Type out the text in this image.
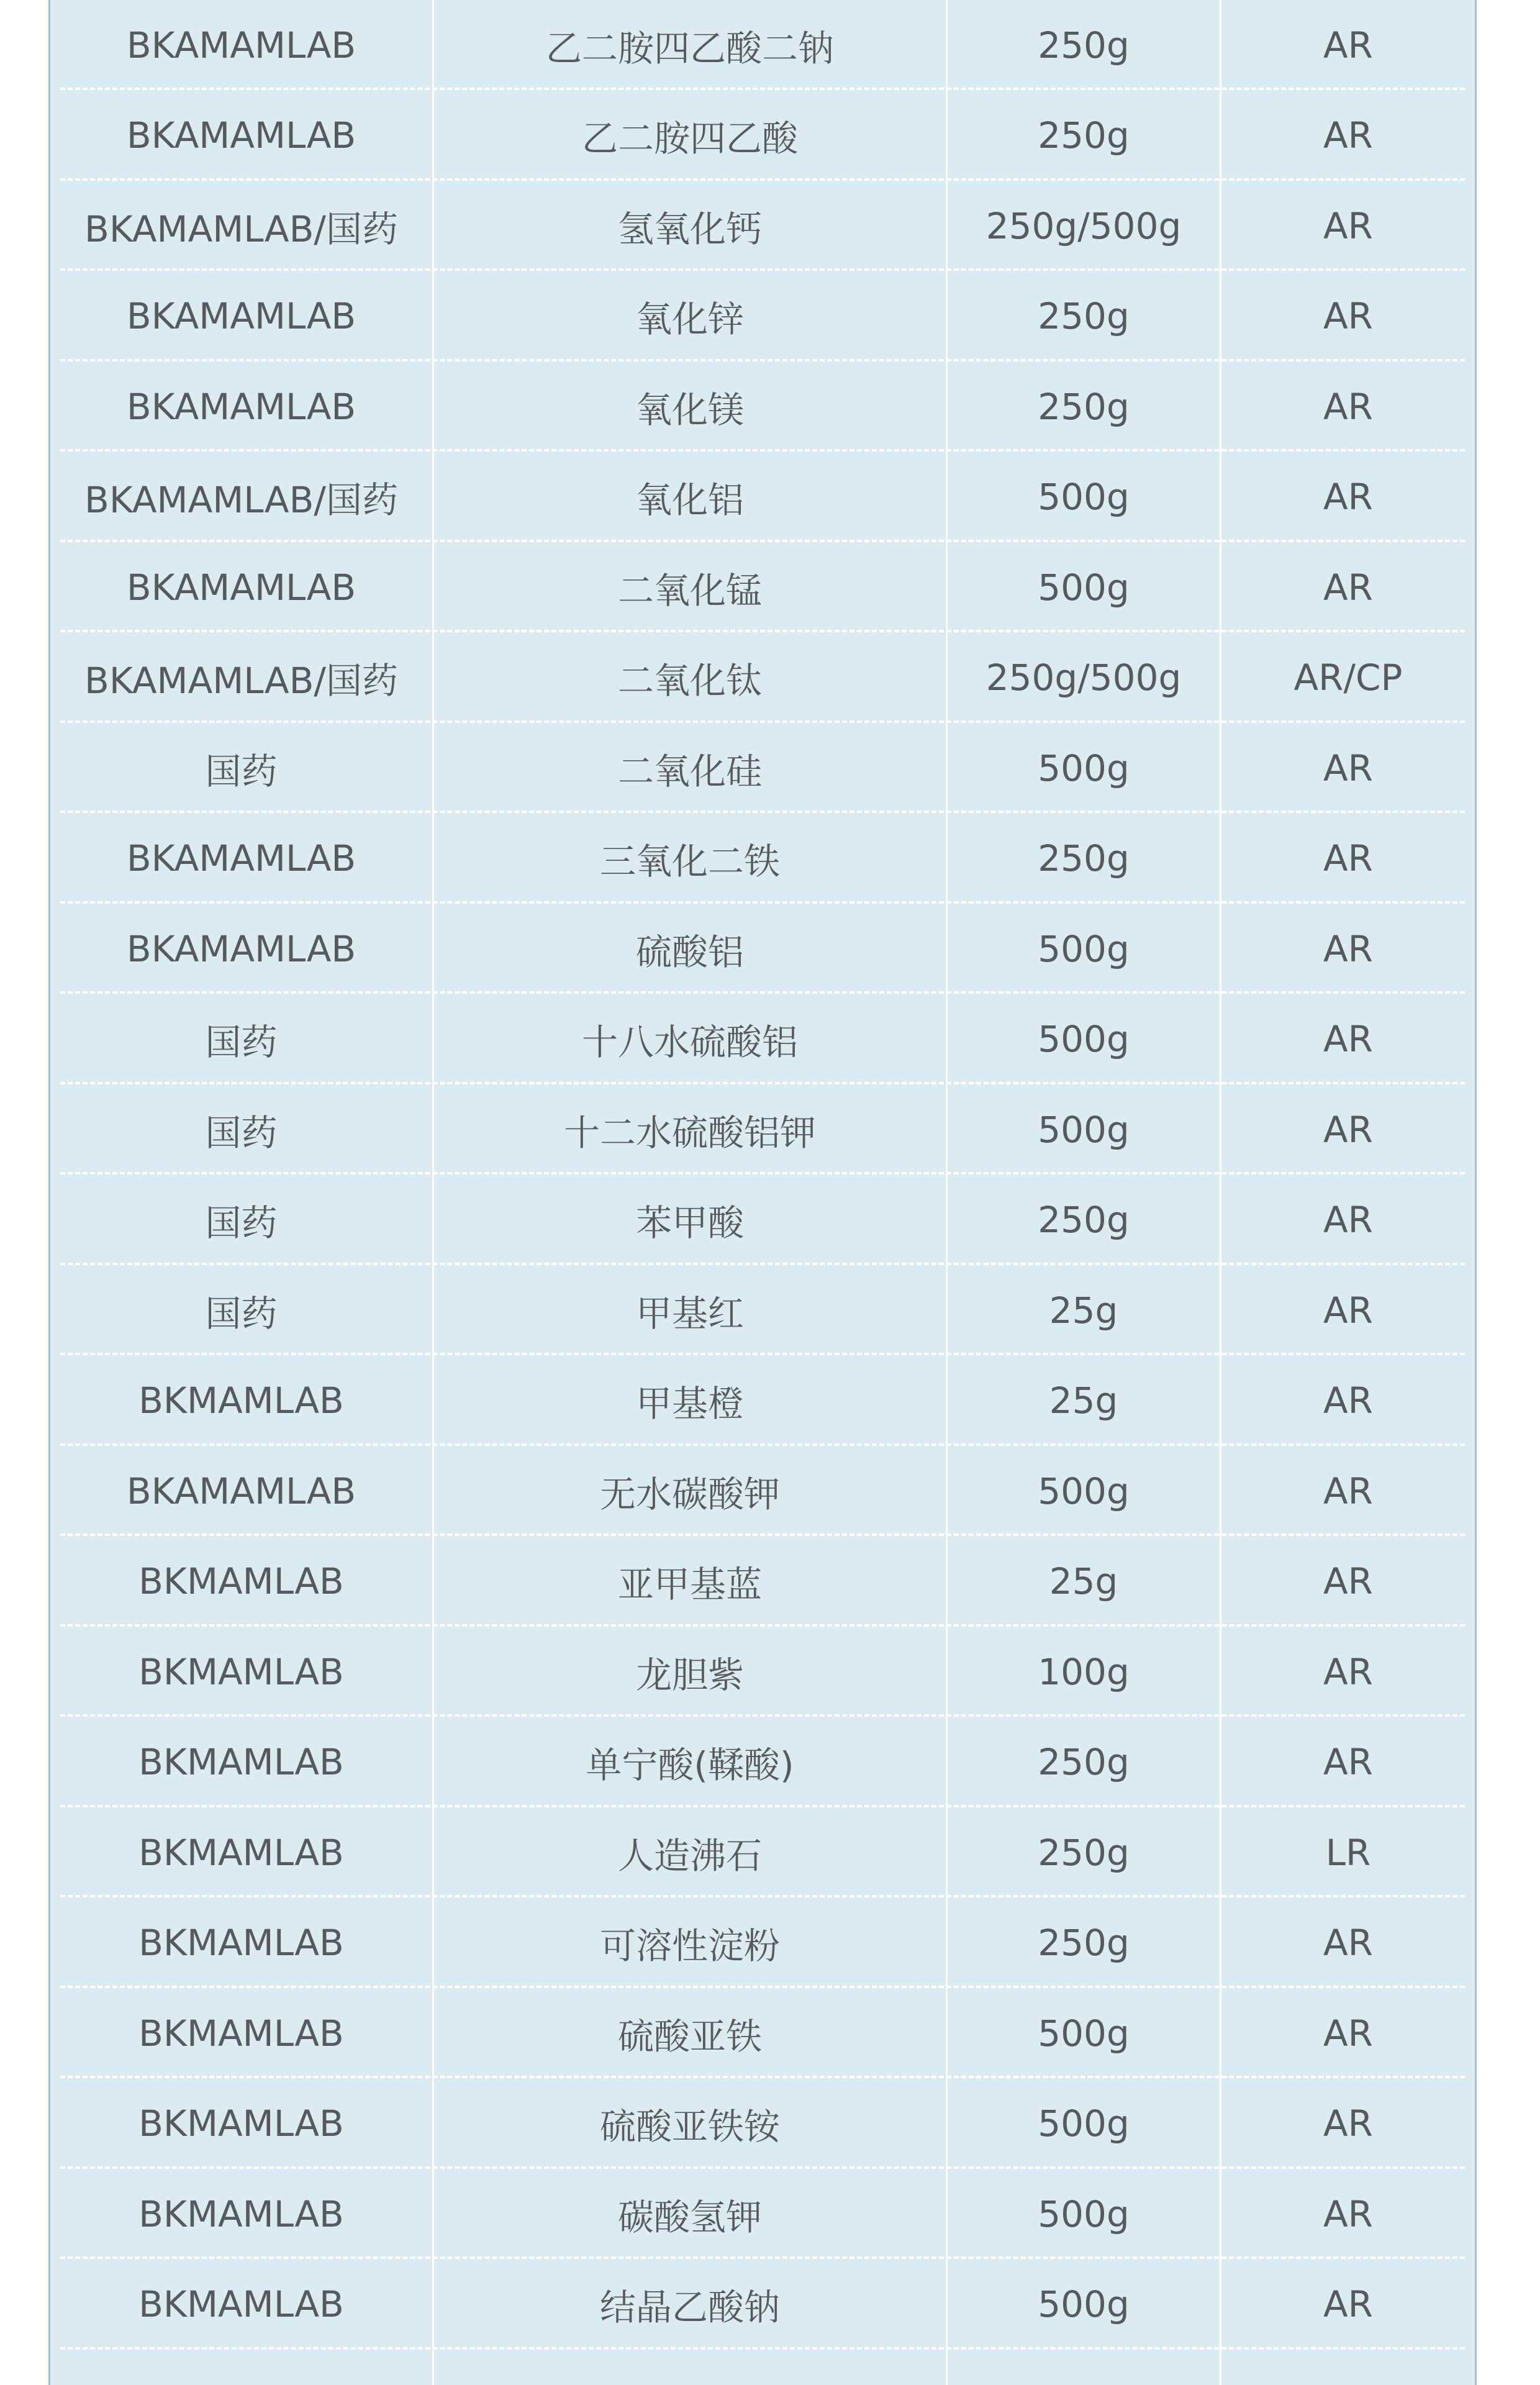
BKAMAMLAB	乙二胺四乙酸二钠	250g	AR
BKAMAMLAB	乙二胺四乙酸	250g	AR
BKAMAMLAB/国药	氢氧化钙	250g/500g	AR
BKAMAMLAB	氧化锌	250g	AR
BKAMAMLAB	氧化镁	250g	AR
BKAMAMLAB/国药	氧化铝	500g	AR
BKAMAMLAB	二氧化锰	500g	AR
BKAMAMLAB/国药	二氧化钛	250g/500g	AR/CP
国药	二氧化硅	500g	AR
BKAMAMLAB	三氧化二铁	250g	AR
BKAMAMLAB	硫酸铝	500g	AR
国药	十八水硫酸铝	500g	AR
国药	十二水硫酸铝钾	500g	AR
国药	苯甲酸	250g	AR
国药	甲基红	25g	AR
BKMAMLAB	甲基橙	25g	AR
BKAMAMLAB	无水碳酸钾	500g	AR
BKMAMLAB	亚甲基蓝	25g	AR
BKMAMLAB	龙胆紫	100g	AR
BKMAMLAB	单宁酸(鞣酸)	250g	AR
BKMAMLAB	人造沸石	250g	LR
BKMAMLAB	可溶性淀粉	250g	AR
BKMAMLAB	硫酸亚铁	500g	AR
BKMAMLAB	硫酸亚铁铵	500g	AR
BKMAMLAB	碳酸氢钾	500g	AR
BKMAMLAB	结晶乙酸钠	500g	AR
